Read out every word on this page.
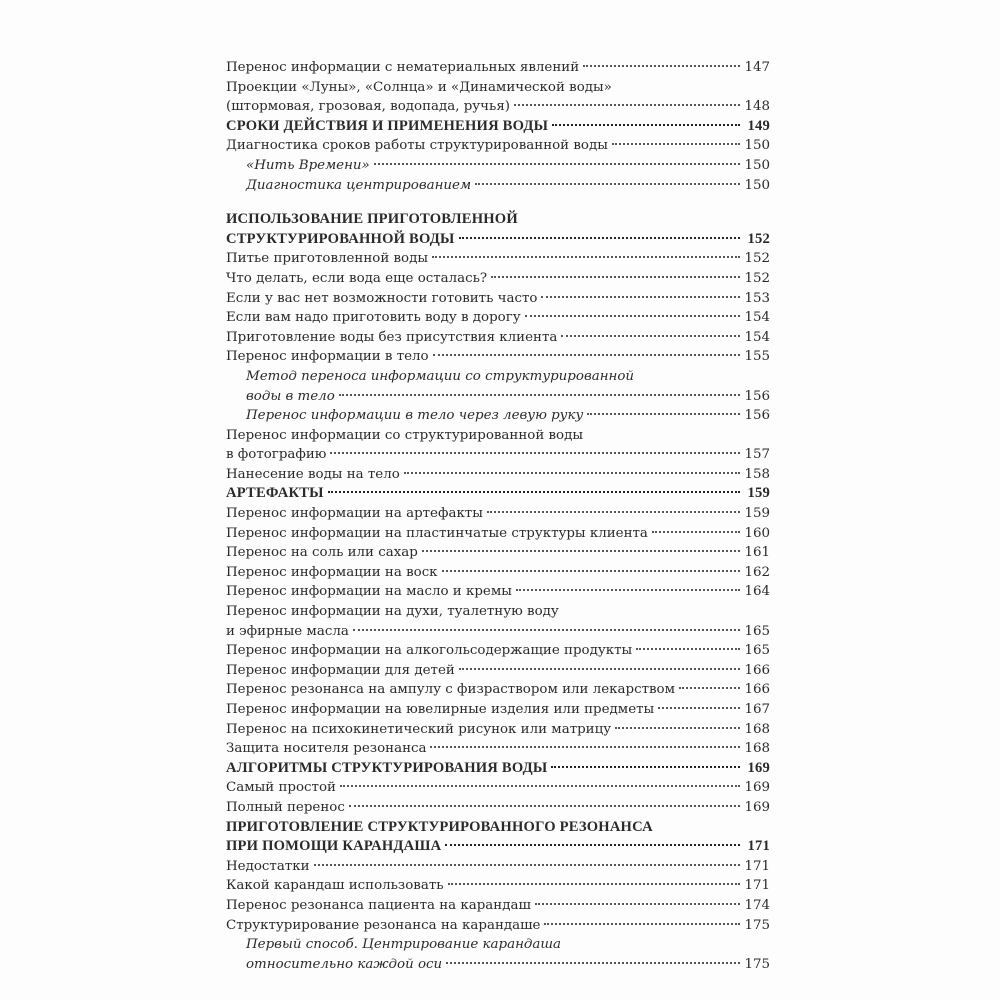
Перенос информации с нематериальных явлений	147
Проекции «Луны», «Солнца» и «Динамической воды»
(штормовая, грозовая, водопада, ручья)	148
СРОКИ ДЕЙСТВИЯ И ПРИМЕНЕНИЯ ВОДЫ	149
Диагностика сроков работы структурированной воды	150
«Нить Времени»	150
Диагностика центрированием	150
ИСПОЛЬЗОВАНИЕ ПРИГОТОВЛЕННОЙ
СТРУКТУРИРОВАННОЙ ВОДЫ	152
Питье приготовленной воды	152
Что делать, если вода еще осталась?	152
Если у вас нет возможности готовить часто	153
Если вам надо приготовить воду в дорогу	154
Приготовление воды без присутствия клиента	154
Перенос информации в тело	155
Метод переноса информации со структурированной
воды в тело	156
Перенос информации в тело через левую руку	156
Перенос информации со структурированной воды
в фотографию	157
Нанесение воды на тело	158
АРТЕФАКТЫ	159
Перенос информации на артефакты	159
Перенос информации на пластинчатые структуры клиента	160
Перенос на соль или сахар	161
Перенос информации на воск	162
Перенос информации на масло и кремы	164
Перенос информации на духи, туалетную воду
и эфирные масла	165
Перенос информации на алкогольсодержащие продукты	165
Перенос информации для детей	166
Перенос резонанса на ампулу с физраствором или лекарством	166
Перенос информации на ювелирные изделия или предметы	167
Перенос на психокинетический рисунок или матрицу	168
Защита носителя резонанса	168
АЛГОРИТМЫ СТРУКТУРИРОВАНИЯ ВОДЫ	169
Самый простой	169
Полный перенос	169
ПРИГОТОВЛЕНИЕ СТРУКТУРИРОВАННОГО РЕЗОНАНСА
ПРИ ПОМОЩИ КАРАНДАША	171
Недостатки	171
Какой карандаш использовать	171
Перенос резонанса пациента на карандаш	174
Структурирование резонанса на карандаше	175
Первый способ. Центрирование карандаша
относительно каждой оси	175
